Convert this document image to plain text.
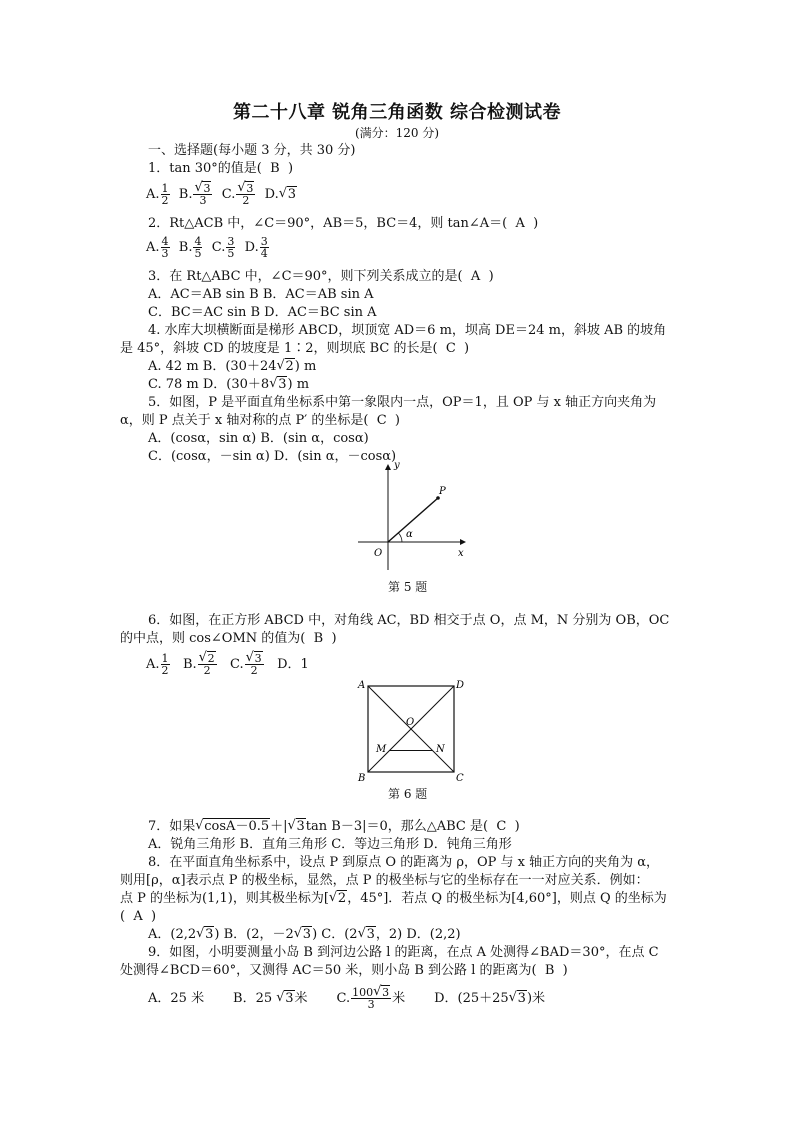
第二十八章 锐角三角函数 综合检测试卷
(满分：120 分)
一、选择题(每小题 3 分，共 30 分)
1．tan 30°的值是( B )
A. $\frac{1}{2} B$.
√ $\frac{3}{3} C$.
√ $\frac{3}{2} D.√$ 3
2．Rt△ACB 中，∠C＝90°，AB＝5，BC＝4，则 tan∠A＝( A )
A. $\frac{4}{3} B$. $\frac{4}{5} C$. $\frac{3}{5} D$. $\frac{3}{4}$
3．在 Rt△ABC 中，∠C＝90°，则下列关系成立的是( A )
A．AC＝AB sin B B．AC＝AB sin A
C．BC＝AC sin B D．AC＝BC sin A
4. 水库大坝横断面是梯形 ABCD，坝顶宽 AD＝6 m，坝高 DE＝24 m，斜坡 AB 的坡角
是 45°，斜坡 CD 的坡度是 1∶2，则坝底 BC 的长是( C )
A. 42 m B．(30＋24√ 2) m
C. 78 m D．(30＋8√ 3) m
5．如图，P 是平面直角坐标系中第一象限内一点，OP＝1，且 OP 与 x 轴正方向夹角为
α，则 P 点关于 x 轴对称的点 P′ 的坐标是( C )
A．(cosα，sin α) B．(sin α，cosα)
C．(cosα，－sin α) D．(sin α，－cosα)
y
x
O
P
α
第 5 题
6．如图，在正方形 ABCD 中，对角线 AC，BD 相交于点 O，点 M，N 分别为 OB，OC
的中点，则 cos∠OMN 的值为( B )
A. $\frac{1}{2} B$.
√ $\frac{2}{2} C$.
√ $\frac{3}{2}$ D．1
A	D
B	C
O
M	N
第 6 题
7．如果√ cosA－0.5＋|√ 3tan B－3|＝0，那么△ABC 是( C )
A．锐角三角形 B．直角三角形 C．等边三角形 D．钝角三角形
8．在平面直角坐标系中，设点 P 到原点 O 的距离为 ρ，OP 与 x 轴正方向的夹角为 α，
则用[ρ，α]表示点 P 的极坐标，显然，点 P 的极坐标与它的坐标存在一一对应关系．例如：
点 P 的坐标为(1,1)，则其极坐标为[√ 2，45°]．若点 Q 的极坐标为[4,60°]，则点 Q 的坐标为
( A )
A．(2,2√ 3) B．(2，－2√ 3) C．(2√ 3，2) D．(2,2)
9．如图，小明要测量小岛 B 到河边公路 l 的距离，在点 A 处测得∠BAD＝30°，在点 C
处测得∠BCD＝60°，又测得 AC＝50 米，则小岛 B 到公路 l 的距离为( B )
A．25 米 B．25 √ 3米 C. $\frac{100√ 3}{3}$ 米 D．(25＋25√ 3)米
